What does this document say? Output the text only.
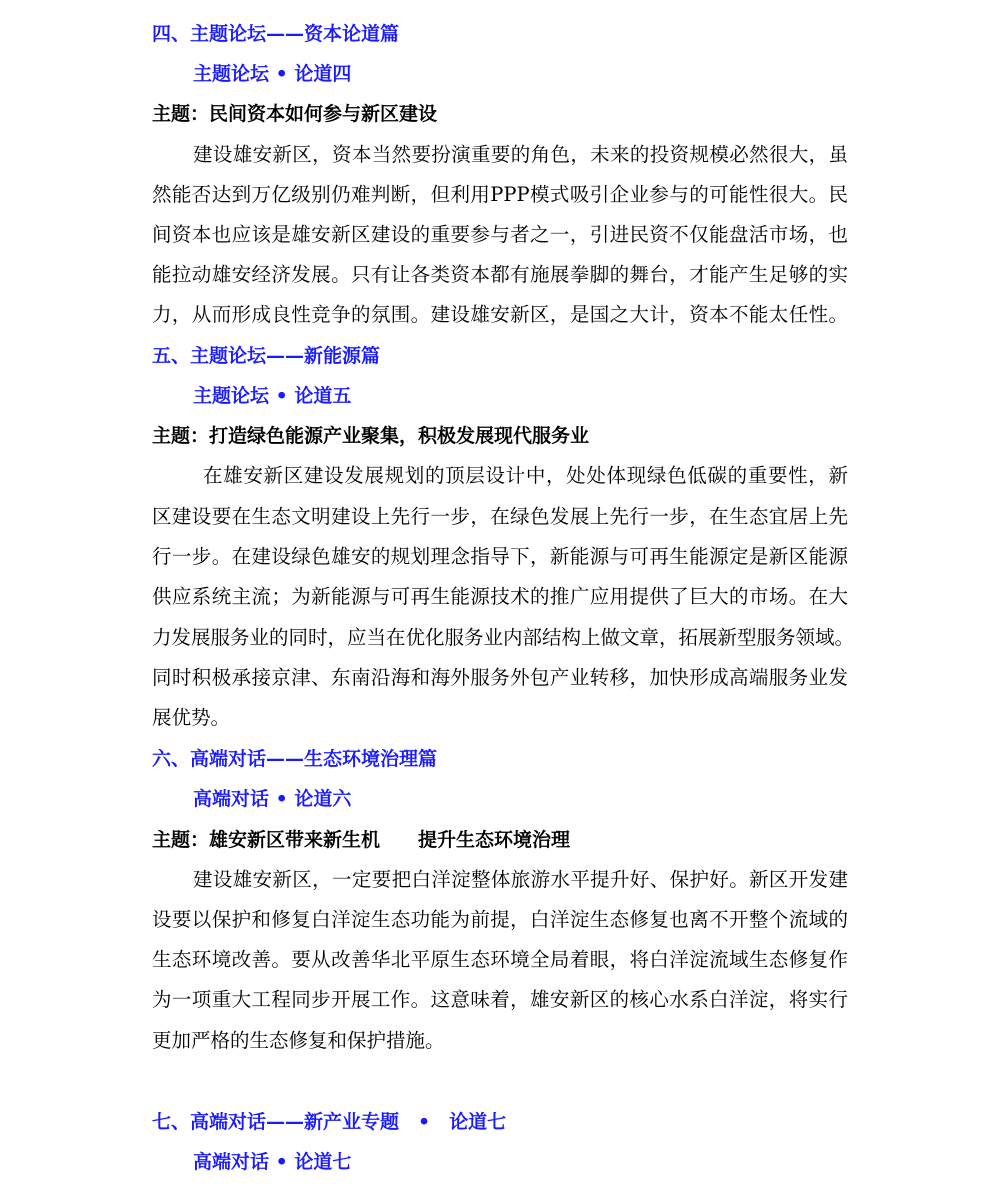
四、主题论坛——资本论道篇
主题论坛 • 论道四
主题：民间资本如何参与新区建设
建设雄安新区，资本当然要扮演重要的角色，未来的投资规模必然很大，虽
然能否达到万亿级别仍难判断，但利用PPP模式吸引企业参与的可能性很大。民
间资本也应该是雄安新区建设的重要参与者之一，引进民资不仅能盘活市场，也
能拉动雄安经济发展。只有让各类资本都有施展拳脚的舞台，才能产生足够的实
力，从而形成良性竞争的氛围。建设雄安新区，是国之大计，资本不能太任性。
五、主题论坛——新能源篇
主题论坛 • 论道五
主题：打造绿色能源产业聚集，积极发展现代服务业
在雄安新区建设发展规划的顶层设计中，处处体现绿色低碳的重要性，新
区建设要在生态文明建设上先行一步，在绿色发展上先行一步，在生态宜居上先
行一步。在建设绿色雄安的规划理念指导下，新能源与可再生能源定是新区能源
供应系统主流；为新能源与可再生能源技术的推广应用提供了巨大的市场。在大
力发展服务业的同时，应当在优化服务业内部结构上做文章，拓展新型服务领域。
同时积极承接京津、东南沿海和海外服务外包产业转移，加快形成高端服务业发
展优势。
六、高端对话——生态环境治理篇
高端对话 • 论道六
主题：雄安新区带来新生机　　提升生态环境治理
建设雄安新区，一定要把白洋淀整体旅游水平提升好、保护好。新区开发建
设要以保护和修复白洋淀生态功能为前提，白洋淀生态修复也离不开整个流域的
生态环境改善。要从改善华北平原生态环境全局着眼，将白洋淀流域生态修复作
为一项重大工程同步开展工作。这意味着，雄安新区的核心水系白洋淀，将实行
更加严格的生态修复和保护措施。
七、高端对话——新产业专题　•　论道七
高端对话 • 论道七
